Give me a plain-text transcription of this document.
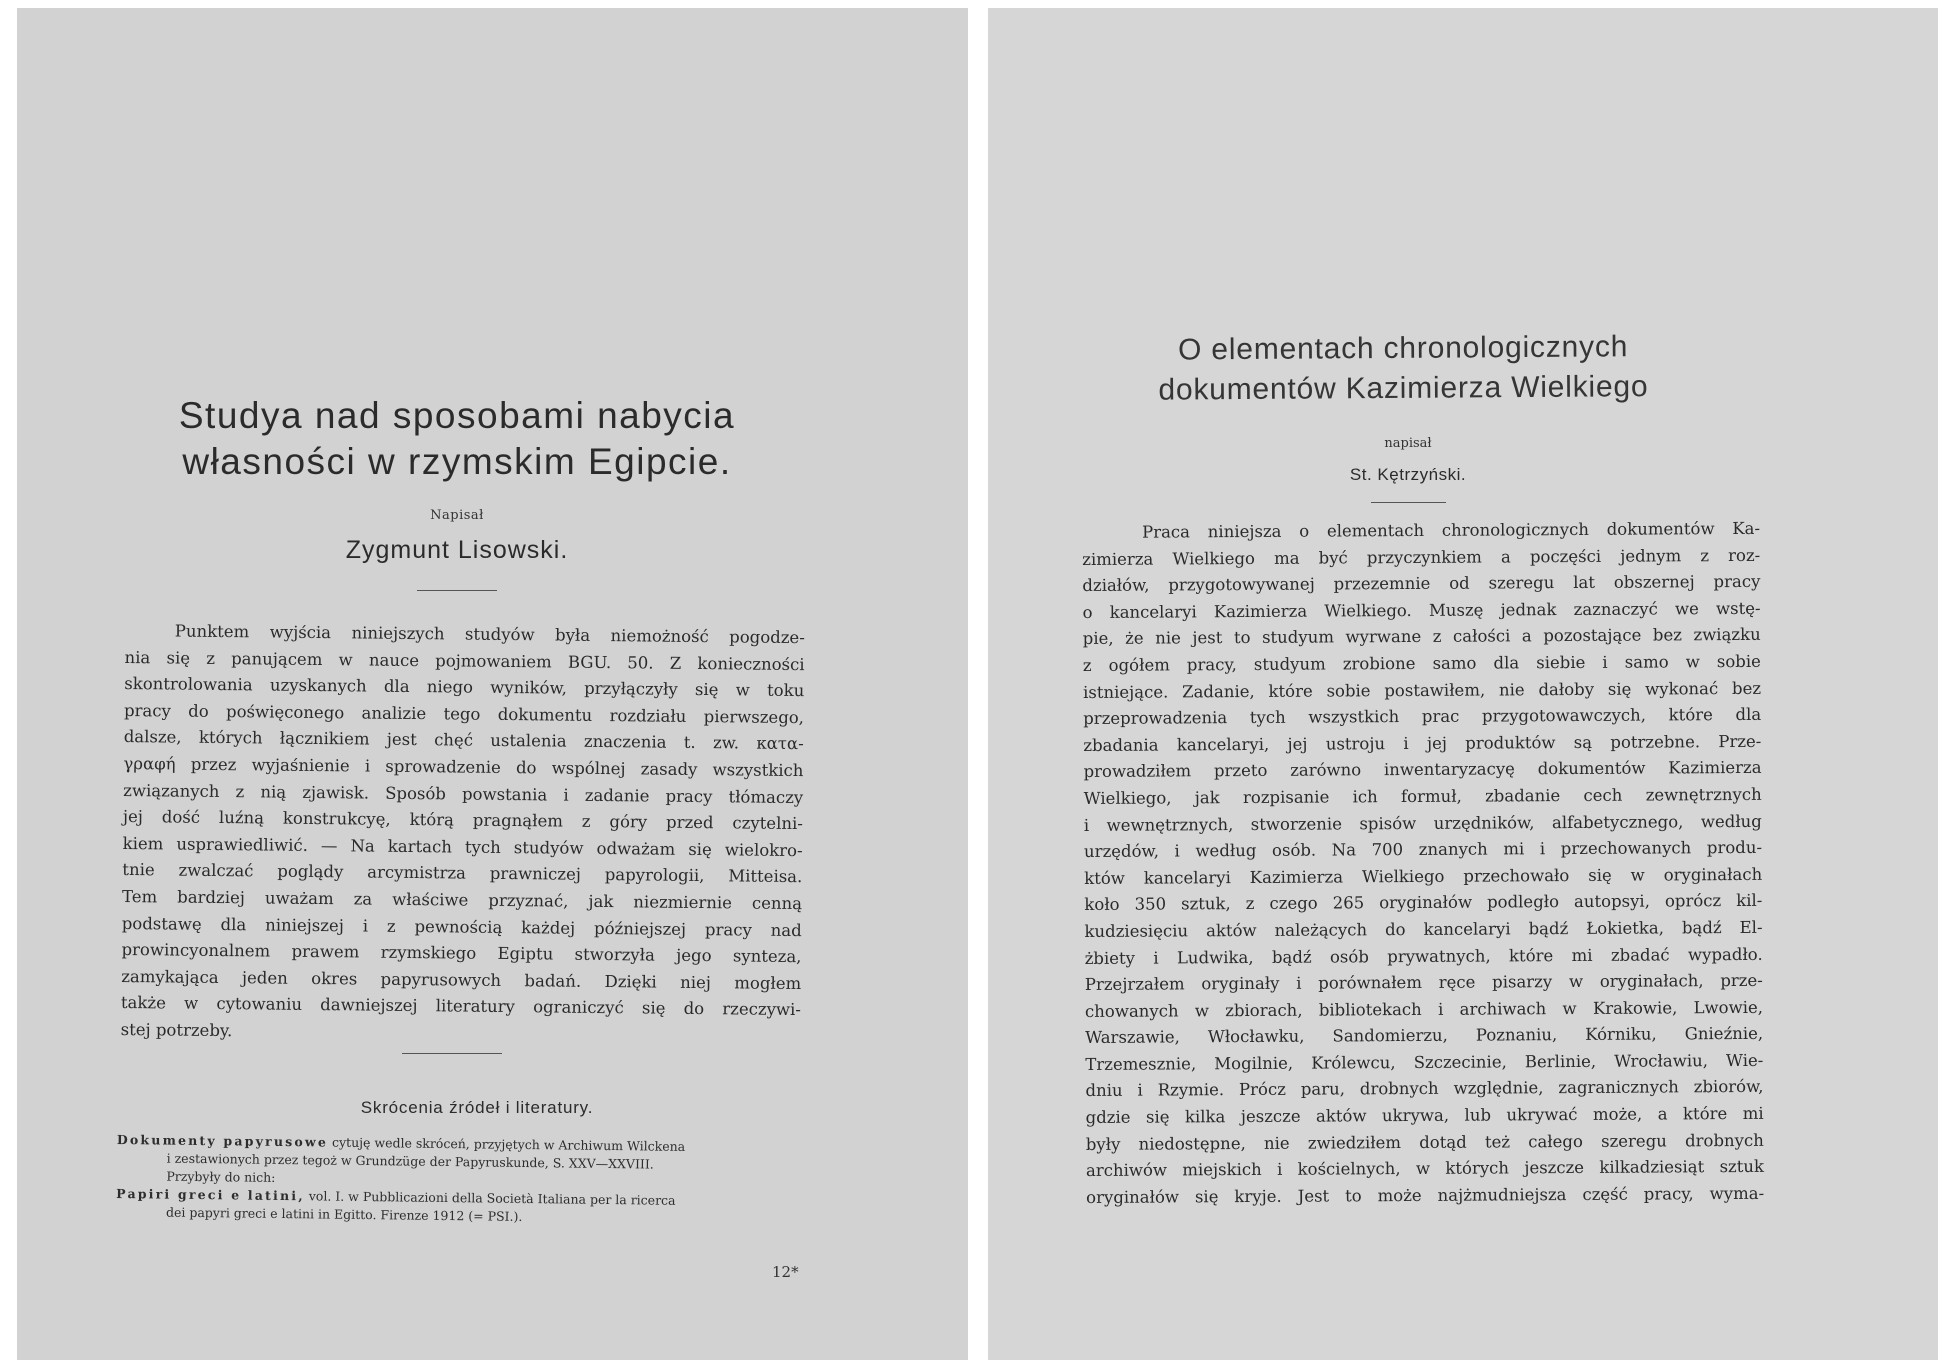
Studya nad sposobami nabycia
własności w rzymskim Egipcie.
Napisał
Zygmunt Lisowski.
Punktem wyjścia niniejszych studyów była niemożność pogodze-
nia się z panującem w nauce pojmowaniem BGU. 50. Z konieczności
skontrolowania uzyskanych dla niego wyników, przyłączyły się w toku
pracy do poświęconego analizie tego dokumentu rozdziału pierwszego,
dalsze, których łącznikiem jest chęć ustalenia znaczenia t. zw. κατα-
γραφή przez wyjaśnienie i sprowadzenie do wspólnej zasady wszystkich
związanych z nią zjawisk. Sposób powstania i zadanie pracy tłómaczy
jej dość luźną konstrukcyę, którą pragnąłem z góry przed czytelni-
kiem usprawiedliwić. — Na kartach tych studyów odważam się wielokro-
tnie zwalczać poglądy arcymistrza prawniczej papyrologii, Mitteisa.
Tem bardziej uważam za właściwe przyznać, jak niezmiernie cenną
podstawę dla niniejszej i z pewnością każdej późniejszej pracy nad
prowincyonalnem prawem rzymskiego Egiptu stworzyła jego synteza,
zamykająca jeden okres papyrusowych badań. Dzięki niej mogłem
także w cytowaniu dawniejszej literatury ograniczyć się do rzeczywi-
stej potrzeby.
Skrócenia źródeł i literatury.
Dokumenty papyrusowe cytuję wedle skróceń, przyjętych w Archiwum Wilckena
i zestawionych przez tegoż w Grundzüge der Papyruskunde, S. XXV—XXVIII.
Przybyły do nich:
Papiri greci e latini, vol. I. w Pubblicazioni della Società Italiana per la ricerca
dei papyri greci e latini in Egitto. Firenze 1912 (= PSI.).
12*
O elementach chronologicznych
dokumentów Kazimierza Wielkiego
napisał
St. Kętrzyński.
Praca niniejsza o elementach chronologicznych dokumentów Ka-
zimierza Wielkiego ma być przyczynkiem a poczęści jednym z roz-
działów, przygotowywanej przezemnie od szeregu lat obszernej pracy
o kancelaryi Kazimierza Wielkiego. Muszę jednak zaznaczyć we wstę-
pie, że nie jest to studyum wyrwane z całości a pozostające bez związku
z ogółem pracy, studyum zrobione samo dla siebie i samo w sobie
istniejące. Zadanie, które sobie postawiłem, nie dałoby się wykonać bez
przeprowadzenia tych wszystkich prac przygotowawczych, które dla
zbadania kancelaryi, jej ustroju i jej produktów są potrzebne. Prze-
prowadziłem przeto zarówno inwentaryzacyę dokumentów Kazimierza
Wielkiego, jak rozpisanie ich formuł, zbadanie cech zewnętrznych
i wewnętrznych, stworzenie spisów urzędników, alfabetycznego, według
urzędów, i według osób. Na 700 znanych mi i przechowanych produ-
któw kancelaryi Kazimierza Wielkiego przechowało się w oryginałach
koło 350 sztuk, z czego 265 oryginałów podległo autopsyi, oprócz kil-
kudziesięciu aktów należących do kancelaryi bądź Łokietka, bądź El-
żbiety i Ludwika, bądź osób prywatnych, które mi zbadać wypadło.
Przejrzałem oryginały i porównałem ręce pisarzy w oryginałach, prze-
chowanych w zbiorach, bibliotekach i archiwach w Krakowie, Lwowie,
Warszawie, Włocławku, Sandomierzu, Poznaniu, Kórniku, Gnieźnie,
Trzemesznie, Mogilnie, Królewcu, Szczecinie, Berlinie, Wrocławiu, Wie-
dniu i Rzymie. Prócz paru, drobnych względnie, zagranicznych zbiorów,
gdzie się kilka jeszcze aktów ukrywa, lub ukrywać może, a które mi
były niedostępne, nie zwiedziłem dotąd też całego szeregu drobnych
archiwów miejskich i kościelnych, w których jeszcze kilkadziesiąt sztuk
oryginałów się kryje. Jest to może najżmudniejsza część pracy, wyma-
